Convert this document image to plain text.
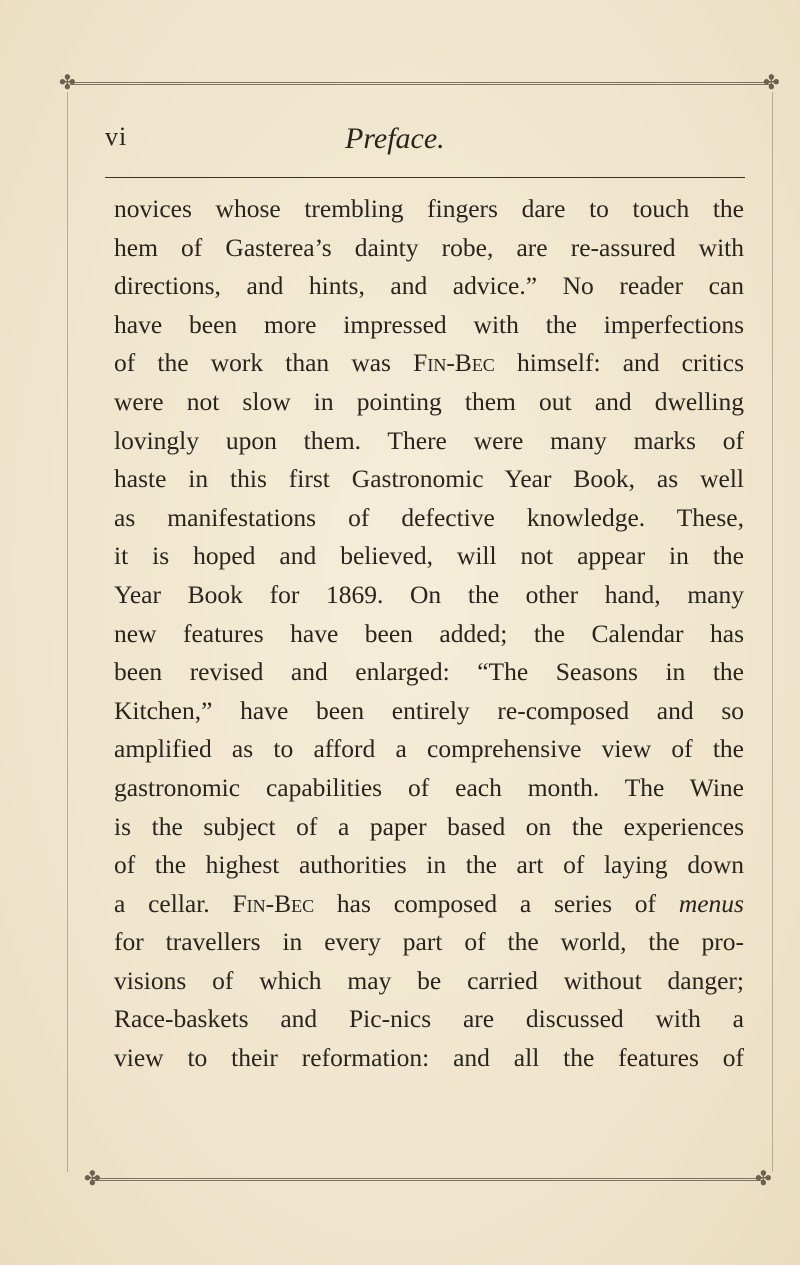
✤	✤
✤	✤
vi	Preface.
novices whose trembling fingers dare to touch the
hem of Gasterea’s dainty robe, are re-assured with
directions, and hints, and advice.” No reader can
have been more impressed with the imperfections
of the work than was Fin-Bec himself: and critics
were not slow in pointing them out and dwelling
lovingly upon them. There were many marks of
haste in this first Gastronomic Year Book, as well
as manifestations of defective knowledge. These,
it is hoped and believed, will not appear in the
Year Book for 1869. On the other hand, many
new features have been added; the Calendar has
been revised and enlarged: “The Seasons in the
Kitchen,” have been entirely re-composed and so
amplified as to afford a comprehensive view of the
gastronomic capabilities of each month. The Wine
is the subject of a paper based on the experiences
of the highest authorities in the art of laying down
a cellar. Fin-Bec has composed a series of menus
for travellers in every part of the world, the pro-
visions of which may be carried without danger;
Race-baskets and Pic-nics are discussed with a
view to their reformation: and all the features of
